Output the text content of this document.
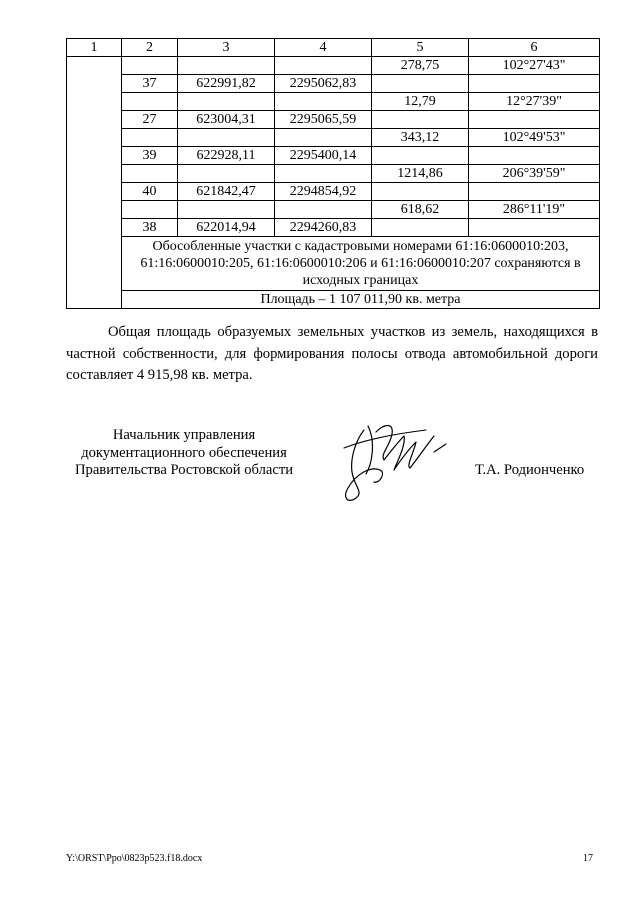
1	2	3	4	5	6
				278,75	102°27'43"
	37	622991,82	2295062,83		
				12,79	12°27'39"
	27	623004,31	2295065,59		
				343,12	102°49'53"
	39	622928,11	2295400,14		
				1214,86	206°39'59"
	40	621842,47	2294854,92		
				618,62	286°11'19"
	38	622014,94	2294260,83		
	Обособленные участки с кадастровыми номерами 61:16:0600010:203, 61:16:0600010:205, 61:16:0600010:206 и 61:16:0600010:207 сохраняются в исходных границах				
	Площадь – 1 107 011,90 кв. метра				

Общая площадь образуемых земельных участков из земель, находящихся в частной собственности, для формирования полосы отвода автомобильной дороги составляет 4 915,98 кв. метра.

Начальник управления
документационного обеспечения
Правительства Ростовской области	Т.А. Родионченко
Y:\ORST\Ppo\0823p523.f18.docx	17
